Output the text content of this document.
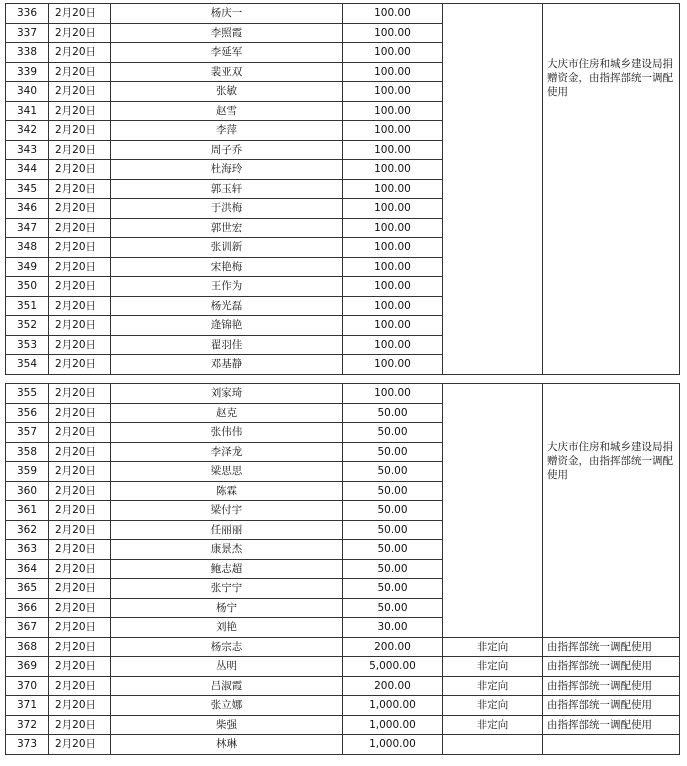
336	2月20日	杨庆一	100.00		大庆市住房和城乡建设局捐赠资金，由指挥部统一调配使用

337	2月20日	李照霞	100.00		
338	2月20日	李延军	100.00		
339	2月20日	裴亚双	100.00		
340	2月20日	张敏	100.00		
341	2月20日	赵雪	100.00		
342	2月20日	李萍	100.00		
343	2月20日	周子乔	100.00		
344	2月20日	杜海玲	100.00		
345	2月20日	郭玉轩	100.00		
346	2月20日	于洪梅	100.00		
347	2月20日	郭世宏	100.00		
348	2月20日	张训新	100.00		
349	2月20日	宋艳梅	100.00		
350	2月20日	王作为	100.00		
351	2月20日	杨光磊	100.00		
352	2月20日	逄锦艳	100.00		
353	2月20日	翟羽佳	100.00		
354	2月20日	邓基静	100.00		
355	2月20日	刘家琦	100.00		大庆市住房和城乡建设局捐赠资金，由指挥部统一调配使用

356	2月20日	赵克	50.00		
357	2月20日	张伟伟	50.00		
358	2月20日	李泽龙	50.00		
359	2月20日	梁思思	50.00		
360	2月20日	陈霖	50.00		
361	2月20日	梁付宇	50.00		
362	2月20日	任丽丽	50.00		
363	2月20日	康景杰	50.00		
364	2月20日	鲍志超	50.00		
365	2月20日	张宁宁	50.00		
366	2月20日	杨宁	50.00		
367	2月20日	刘艳	30.00		
368	2月20日	杨宗志	200.00	非定向	由指挥部统一调配使用
369	2月20日	丛明	5,000.00	非定向	由指挥部统一调配使用
370	2月20日	吕淑霞	200.00	非定向	由指挥部统一调配使用
371	2月20日	张立娜	1,000.00	非定向	由指挥部统一调配使用
372	2月20日	柴强	1,000.00	非定向	由指挥部统一调配使用
373	2月20日	林琳	1,000.00		
